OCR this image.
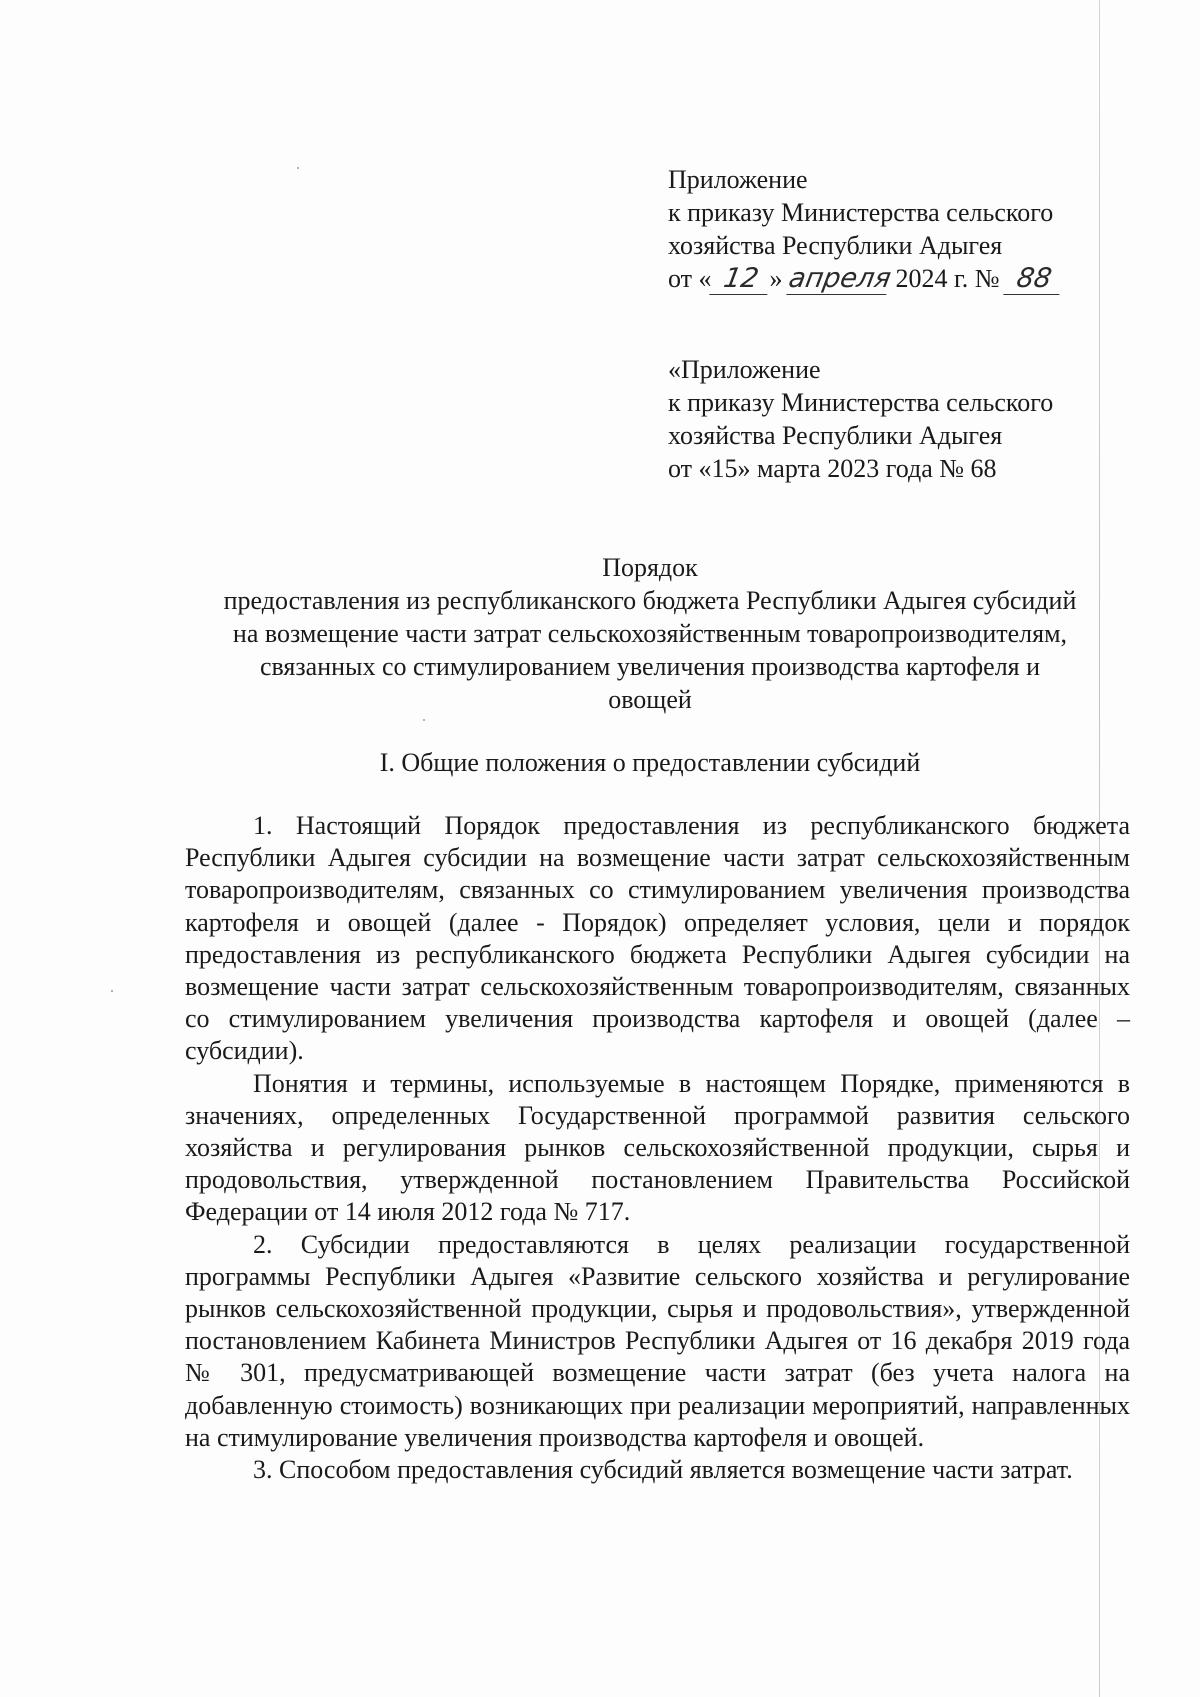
Приложение
к приказу Министерства сельского
хозяйства Республики Адыгея
от « 12 » апреля 2024 г. № 88
«Приложение
к приказу Министерства сельского
хозяйства Республики Адыгея
от «15» марта 2023 года № 68
Порядок
предоставления из республиканского бюджета Республики Адыгея субсидий
на возмещение части затрат сельскохозяйственным товаропроизводителям,
связанных со стимулированием увеличения производства картофеля и
овощей
I. Общие положения о предоставлении субсидий

1. Настоящий Порядок предоставления из республиканского бюджета Республики Адыгея субсидии на возмещение части затрат сельскохозяйственным товаропроизводителям, связанных со стимулированием увеличения производства картофеля и овощей (далее - Порядок) определяет условия, цели и порядок предоставления из республиканского бюджета Республики Адыгея субсидии на возмещение части затрат сельскохозяйственным товаропроизводителям, связанных со стимулированием увеличения производства картофеля и овощей (далее – субсидии).

Понятия и термины, используемые в настоящем Порядке, применяются в значениях, определенных Государственной программой развития сельского хозяйства и регулирования рынков сельскохозяйственной продукции, сырья и продовольствия, утвержденной постановлением Правительства Российской Федерации от 14 июля 2012 года № 717.

2. Субсидии предоставляются в целях реализации государственной программы Республики Адыгея «Развитие сельского хозяйства и регулирование рынков сельскохозяйственной продукции, сырья и продовольствия», утвержденной постановлением Кабинета Министров Республики Адыгея от 16 декабря 2019 года № 301, предусматривающей возмещение части затрат (без учета налога на добавленную стоимость) возникающих при реализации мероприятий, направленных на стимулирование увеличения производства картофеля и овощей.

3. Способом предоставления субсидий является возмещение части затрат.
